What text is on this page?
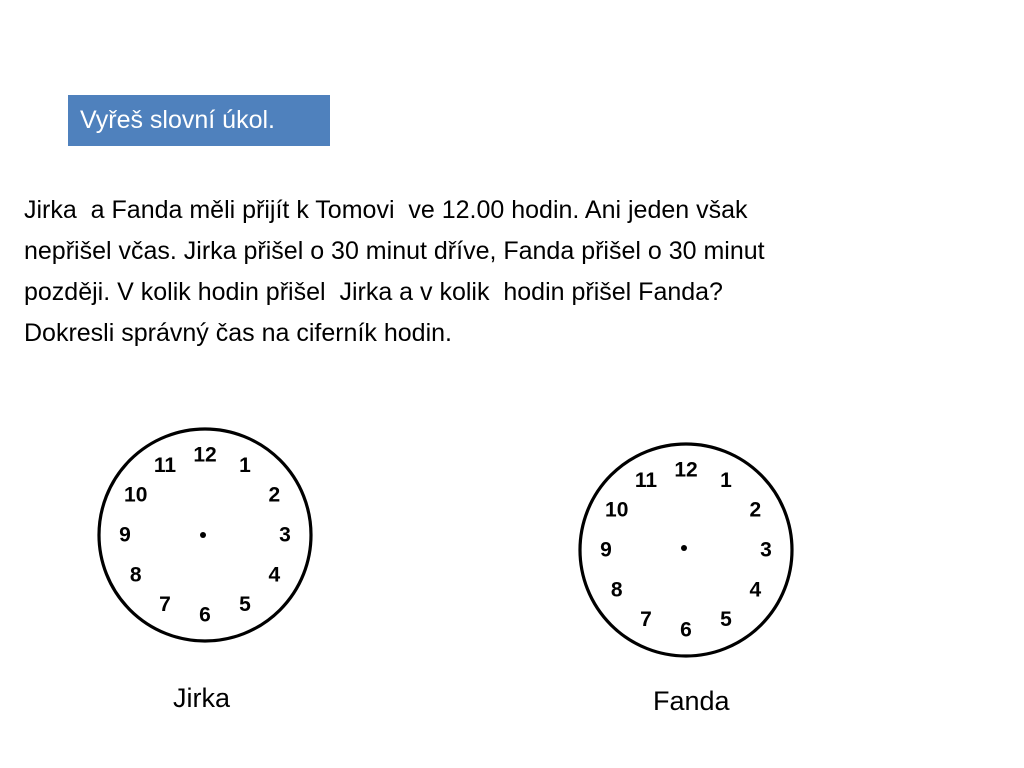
Vyřeš slovní úkol.

Jirka  a Fanda měli přijít k Tomovi  ve 12.00 hodin. Ani jeden však

nepřišel včas. Jirka přišel o 30 minut dříve, Fanda přišel o 30 minut

později. V kolik hodin přišel  Jirka a v kolik  hodin přišel Fanda?

Dokresli správný čas na ciferník hodin.

12 1
2
3
4
5
6
7
8
9
10
11
Jirka
12 1
2
3
4
5
6
7
8
9
10
11
Fanda
